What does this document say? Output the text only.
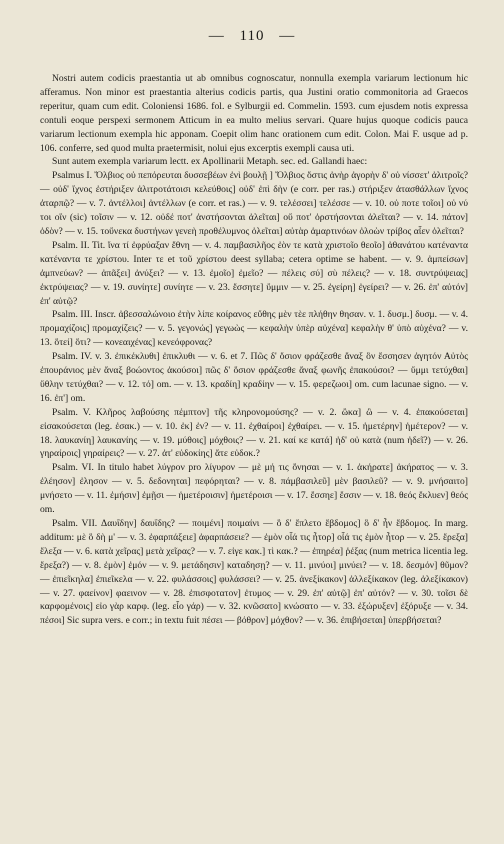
— 110 —

Nostri autem codicis praestantia ut ab omnibus cognoscatur, nonnulla exempla variarum lectionum hic afferamus. Non minor est praestantia alterius codicis partis, qua Justini oratio commonitoria ad Graecos reperitur, quam cum edit. Coloniensi 1686. fol. e Sylburgii ed. Commelin. 1593. cum ejusdem notis expressa contuli eoque perspexi sermonem Atticum in ea multo melius servari. Quare hujus quoque codicis pauca variarum lectionum exempla hic apponam. Coepit olim hanc orationem cum edit. Colon. Mai F. usque ad p. 106. conferre, sed quod multa praetermisit, nolui ejus excerptis exempli causa uti.

Sunt autem exempla variarum lectt. ex Apollinarii Metaph. sec. ed. Gallandi haec:

Psalmus I. Ὄλβιος οὐ πεπόρευται δυσσεβέων ἐνὶ βουλῇ ] Ὄλβιος ὅστις ἀνὴρ ἀγορὴν δ' οὐ νίσσετ' ἀλιτροῖς? — οὐδ' ἴχνος ἐστήριξεν ἀλιτροτάτοισι κελεύθοις] οὐδ' ἐπὶ δὴν (e corr. per ras.) στήριξεν ἀτασθάλλων ἴχνος ἀταρπῷ? — v. 7. ἀντέλλοι] ἀντέλλων (e corr. et ras.) — v. 9. τελέσσει] τελέσσε — v. 10. οὐ ποτε τοῖοι] οὐ νύ τοι οἵν (sic) τοῖσιν — v. 12. οὐδέ ποτ' ἀνστήσονται ἀλεῖται] οὔ ποτ' ὀρστήσονται ἀλεῖται? — v. 14. πάτον] ὁδὸν? — v. 15. τοὔνεκα δυστήνων γενεὴ προθέλυμνος ὀλεῖται] αὐτὰρ ἁμαρτινόων ὀλοὼν τρίβος αἶεν ὀλεῖται?

Psalm. II. Tit. ἵνα τί ἐφρύαξαν ἔθνη — v. 4. παμβασιλῆος ἐὸν τε κατὰ χριστοῖο θεοῖο] ἀθανάτου κατέναντα κατέναντα τε χρίστου. Inter τε et τοῦ χρίστου deest syllaba; cetera optime se habent. — v. 9. ἀμπείσων] ἀμπνεύων? — ἀπᾶξει] ἀνύξει? — v. 13. ἐμοῖο] ἐμεῖο? — πέλεις σύ] σὺ πέλεις? — v. 18. συντρύψειας] ἐκτρύψειας? — v. 19. συνίητε] συνίητε — v. 23. ἔσσητε] ὔμμιν — v. 25. ἐγείρη] ἐγείρει? — v. 26. ἐπ' αὐτόν] ἐπ' αὐτῷ?

Psalm. III. Inscr. ἀβεσσαλώνοιο ἐτὴν λίπε κοίρανος εὔθης μὲν τὲε πλήθην θησαν. v. 1. δυσμ.] δυσμ. — v. 4. προμαχίζοις] προμαχίζεις? — v. 5. γεγονώς] γεγωὼς — κεφαλὴν ὑπὲρ αὐχένα] κεφαλὴν θ' ὑπὸ αὐχένα? — v. 13. ὅτεί] ὅτι? — κονεαιχένας] κενεόφρονας?

Psalm. IV. v. 3. ἐπικέκλυθι] ἐπικλυθι — v. 6. et 7. Πῶς δ' ὅσιον φράζεσθε ἄναξ ὃν ἔσσησεν ἀγητόν Αὐτὸς ἐπουράνιος μὲν ἄναξ βοώοντος ἀκούσοι] πῶς δ' ὅσιον φράζεσθε ἄναξ φωνῆς ἐπακούσοι? — ὔμμι τετύχθαι] ὕθλην τετύχθαι? — v. 12. τό] om. — v. 13. κραδίη] κραδίην — v. 15. φερεζωοι] om. cum lacunae signo. — v. 16. ἐπ'] om.

Psalm. V. Κλῆρος λαβούσης πέμπτον] τῆς κληρονομούσης? — v. 2. ὢκα] ὢ — v. 4. ἐπακούσεται] εἰσακούσεται (leg. ἐσακ.) — v. 10. ἐκ] ἐν? — v. 11. ἐχθαίροι] ἐχθαίρει. — v. 15. ἡμετέρην] ἡμέτερον? — v. 18. λαυκανίη] λαυκανίης — v. 19. μύθοις] μόχθοις? — v. 21. καί κε κατά] ἠδ' οὐ κατὰ (num ἠδεῖ?) — v. 26. γηραίροις] γηραίρεις? — v. 27. ἀτ' εὐδοκίης] ἄτε εὐδοκ.?

Psalm. VI. In titulo habet λύγρον pro λίγυρον — μὲ μή τις ὄνησαι — v. 1. ἀκήρατε] ἀκήρατος — v. 3. ἐλέησον] ἐλησον — v. 5. δεδονηται] πεφόρηται? — v. 8. πάμβασιλεῦ] μὲν βασιλεῦ? — v. 9. μνήσαιτο] μνήσετο — v. 11. ἐμήσιν] ἐμῇσι — ἡμετέροισιν] ἡμετέροισι — v. 17. ἔσσηε] ἔσσιν — v. 18. θεός ἔκλυεν] θεός om.

Psalm. VII. Δαυΐδην] δαυΐδης? — ποιμένι] ποιμαίνι — ὃ δ' ἔπλετο ἕβδομος] ὃ δ' ἦν ἕβδομος. In marg. additum: μὲ ὃ δὴ μ' — v. 3. ἐφαρπάξειε] ἀφαρπάσειε? — ἐμὸν οἷά τις ἦτορ] οἷά τις ἐμὸν ἦτορ — v. 25. ἔρεξα] ἔλεξα — v. 6. κατὰ χεῖρας] μετὰ χεῖρας? — v. 7. εἰγε κακ.] τὶ κακ.? — ἐπηρέα] ῥέξας (num metrica licentia leg. ἔρεξα?) — v. 8. ἐμὸν] ἐμόν — v. 9. μετάδησιν] καταδησῃ? — v. 11. μινύοι] μινύει? — v. 18. δεσμόν] θῦμον? — ἐπιεῖκηλα] ἐπιεῖκελα — v. 22. φυλάσσοις] φυλάσσει? — v. 25. ἀνεξίκακον] ἀλλεξίκακον (leg. ἀλεξίκακον) — v. 27. φαείνον] φαεινον — v. 28. ἐπισφοτατον] ἐτυμος — v. 29. ἐπ' αὐτῷ] ἐπ' αὐτόν? — v. 30. τοῖσι δὲ καρφομένοις] εἰο γὰρ καρφ. (leg. εἷο γάρ) — v. 32. κνῶσατο] κνώσατο — v. 33. ἐξώρυξεν] ἐξόρυξε — v. 34. πέσοι] Sic supra vers. e corr.; in textu fuit πέσει — βόθρον] μόχθον? — v. 36. ἐπιβήσεται] ὑπερβήσεται?
